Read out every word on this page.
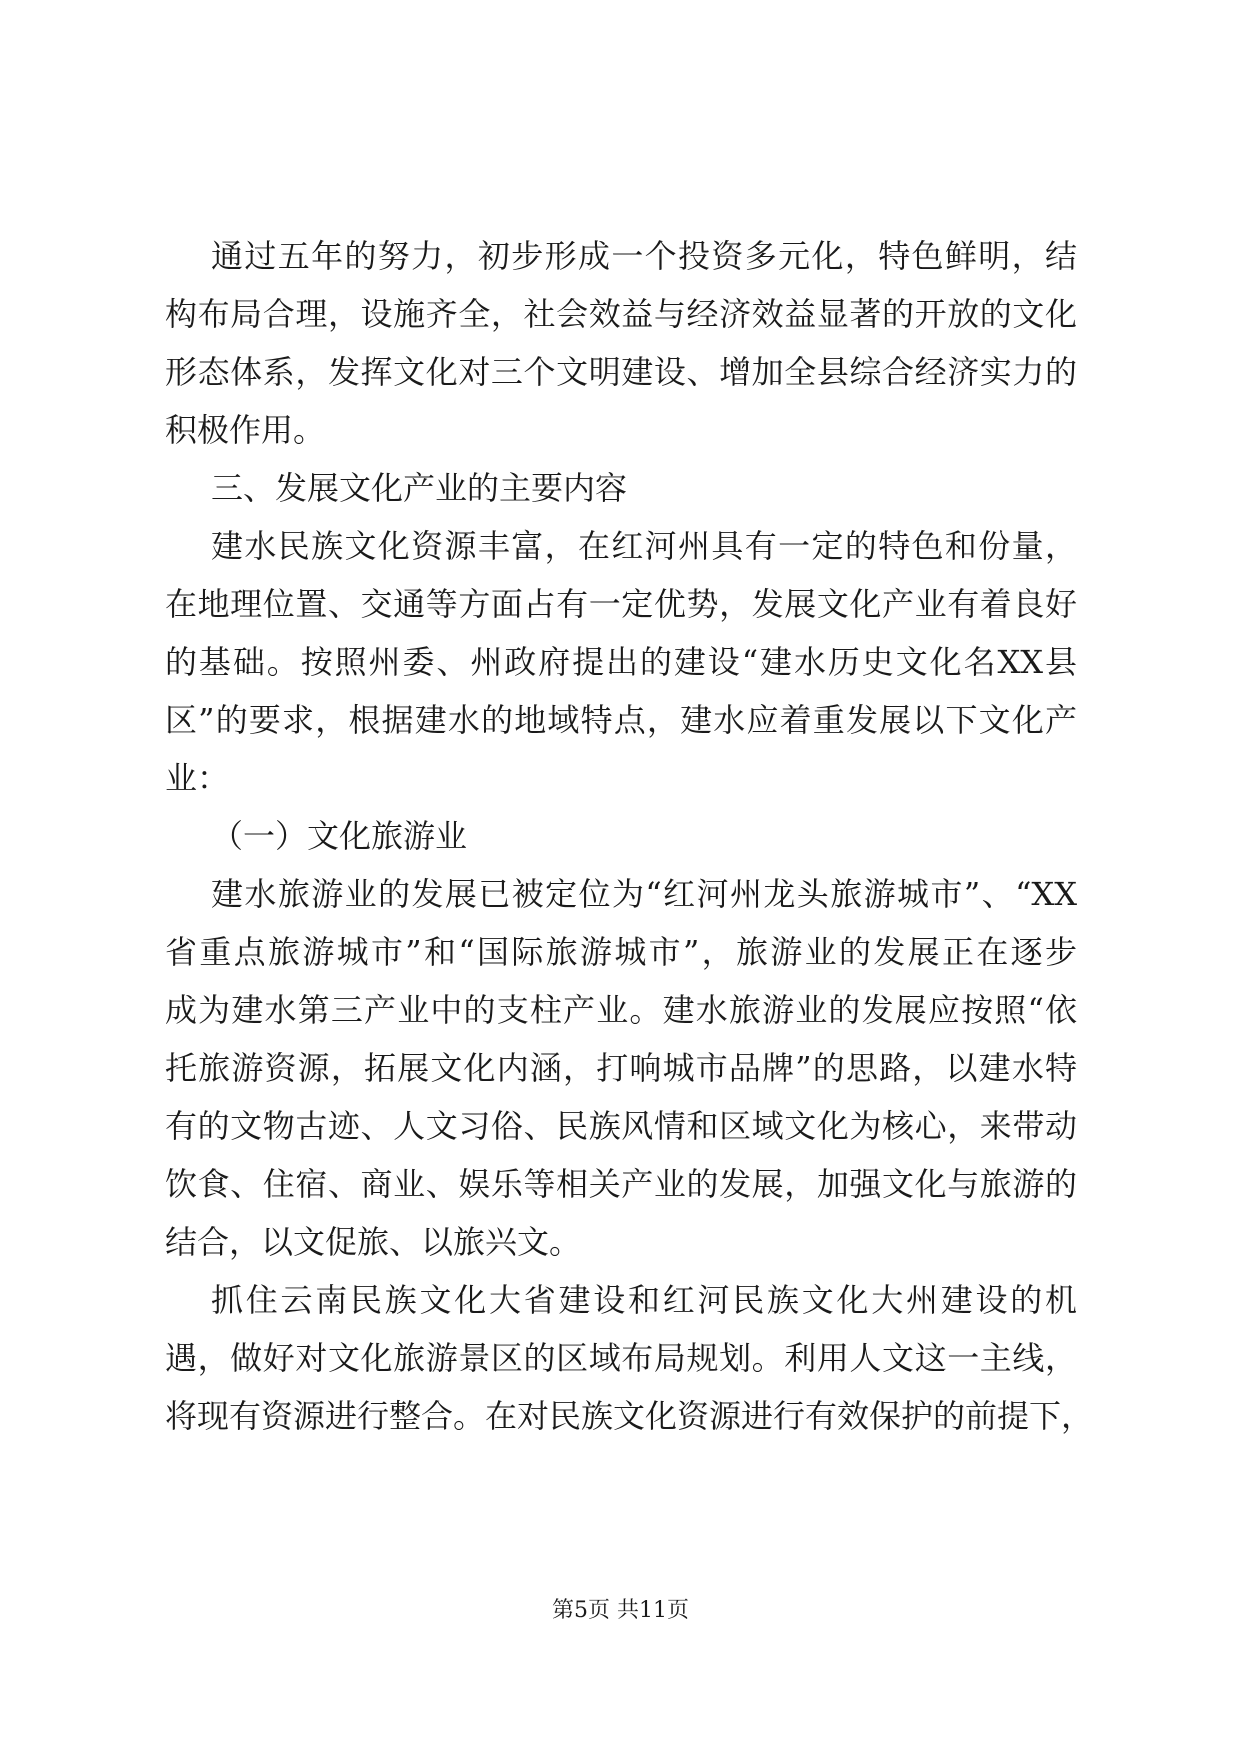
通过五年的努力，初步形成一个投资多元化，特色鲜明，结
构布局合理，设施齐全，社会效益与经济效益显著的开放的文化
形态体系，发挥文化对三个文明建设、增加全县综合经济实力的
积极作用。
三、发展文化产业的主要内容
建水民族文化资源丰富，在红河州具有一定的特色和份量，
在地理位置、交通等方面占有一定优势，发展文化产业有着良好
的基础。按照州委、州政府提出的建设“建水历史文化名XX县
区”的要求，根据建水的地域特点，建水应着重发展以下文化产
业：
（一）文化旅游业
建水旅游业的发展已被定位为“红河州龙头旅游城市”、“XX
省重点旅游城市”和“国际旅游城市”，旅游业的发展正在逐步
成为建水第三产业中的支柱产业。建水旅游业的发展应按照“依
托旅游资源，拓展文化内涵，打响城市品牌”的思路，以建水特
有的文物古迹、人文习俗、民族风情和区域文化为核心，来带动
饮食、住宿、商业、娱乐等相关产业的发展，加强文化与旅游的
结合，以文促旅、以旅兴文。
抓住云南民族文化大省建设和红河民族文化大州建设的机
遇，做好对文化旅游景区的区域布局规划。利用人文这一主线，
将现有资源进行整合。在对民族文化资源进行有效保护的前提下，
第5页 共11页
